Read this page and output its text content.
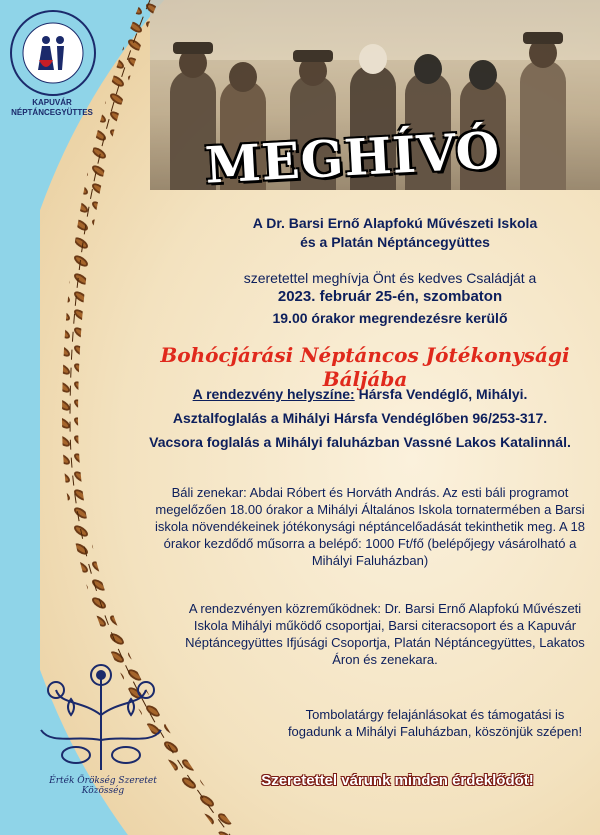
KAPUVÁR
NÉPTÁNCEGYÜTTES
MEGHÍVÓ
A Dr. Barsi Ernő Alapfokú Művészeti Iskola
és a Platán Néptáncegyüttes
szeretettel meghívja Önt és kedves Családját a
2023. február 25-én, szombaton
19.00 órakor megrendezésre kerülő
Bohócjárási Néptáncos Jótékonysági Báljába
A rendezvény helyszíne: Hársfa Vendéglő, Mihályi.
Asztalfoglalás a Mihályi Hársfa Vendéglőben 96/253-317.
Vacsora foglalás a Mihályi faluházban Vassné Lakos Katalinnál.
Báli zenekar: Abdai Róbert és Horváth András. Az esti báli programot megelőzően 18.00 órakor a Mihályi Általános Iskola tornatermében a Barsi iskola növendékeinek jótékonysági néptáncelőadását tekinthetik meg. A 18 órakor kezdődő műsorra a belépő: 1000 Ft/fő (belépőjegy vásárolható a Mihályi Faluházban)
A rendezvényen közreműködnek: Dr. Barsi Ernő Alapfokú Művészeti Iskola Mihályi működő csoportjai, Barsi citeracsoport és a Kapuvár Néptáncegyüttes Ifjúsági Csoportja, Platán Néptáncegyüttes, Lakatos Áron és zenekara.
Tombolatárgy felajánlásokat és támogatási is fogadunk a Mihályi Faluházban, köszönjük szépen!
Érték Örökség Szeretet Közösség
Szeretettel várunk minden érdeklődőt!
